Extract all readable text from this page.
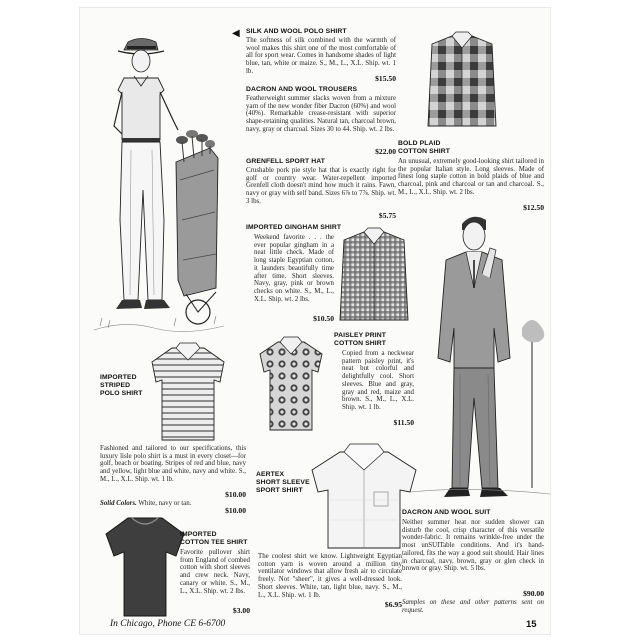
◀ SILK AND WOOL POLO SHIRT
The softness of silk combined with the warmth of wool makes this shirt one of the most comfortable of all for sport wear. Comes in handsome shades of light blue, tan, white or maize. S., M., L., X.L. Ship. wt. 1 lb.
$15.50
DACRON AND WOOL TROUSERS
Featherweight summer slacks woven from a mixture yarn of the new wonder fiber Dacron (60%) and wool (40%). Remarkable crease-resistant with superior shape-retaining qualities. Natural tan, charcoal brown, navy, gray or charcoal. Sizes 30 to 44. Ship. wt. 2 lbs.
$22.00
GRENFELL SPORT HAT
Crushable pork pie style hat that is exactly right for golf or country wear. Water-repellent imported Grenfell cloth doesn't mind how much it rains. Fawn, navy or gray with self band. Sizes 6⅞ to 7⅞. Ship. wt. 3 lbs.
$5.75
BOLD PLAID
COTTON SHIRT
An unusual, extremely good-looking shirt tailored in the popular Italian style. Long sleeves. Made of finest long staple cotton in bold plaids of blue and charcoal, pink and charcoal or tan and charcoal. S., M., L., X.L. Ship. wt. 2 lbs.
$12.50
IMPORTED GINGHAM SHIRT
Weekend favorite . . . the ever popular gingham in a neat little check. Made of long staple Egyptian cotton, it launders beautifully time after time. Short sleeves. Navy, gray, pink or brown checks on white. S., M., L., X.L. Ship. wt. 2 lbs.
$10.50
IMPORTED
STRIPED
POLO SHIRT
Fashioned and tailored to our specifications, this luxury lisle polo shirt is a must in every closet—for golf, beach or boating. Stripes of red and blue, navy and yellow, light blue and white, navy and white. S., M., L., X.L. Ship. wt. 1 lb.
$10.00
Solid Colors. White, navy or tan.
$10.00
PAISLEY PRINT
COTTON SHIRT
Copied from a neckwear pattern paisley print, it's neat but colorful and delightfully cool. Short sleeves. Blue and gray, gray and red, maize and brown. S., M., L., X.L. Ship. wt. 1 lb.
$11.50
AERTEX
SHORT SLEEVE
SPORT SHIRT
The coolest shirt we know. Lightweight Egyptian cotton yarn is woven around a million tiny ventilator windows that allow fresh air to circulate freely. Not "sheer", it gives a well-dressed look. Short sleeves. White, tan, light blue, navy. S., M., L., X.L. Ship. wt. 1 lb.
$6.95
IMPORTED
COTTON TEE SHIRT
Favorite pullover shirt from England of combed cotton with short sleeves and crew neck. Navy, canary or white. S., M., L., X.L. Ship. wt. 2 lbs.
$3.00
DACRON AND WOOL SUIT
Neither summer heat nor sudden shower can disturb the cool, crisp character of this versatile wonder-fabric. It remains wrinkle-free under the most unSUITable conditions. And it's hand-tailored, fits the way a good suit should. Hair lines in charcoal, navy, brown, gray or glen check in brown or gray. Ship. wt. 5 lbs.
$90.00
Samples on these and other patterns sent on request.
In Chicago, Phone CE 6-6700	15
